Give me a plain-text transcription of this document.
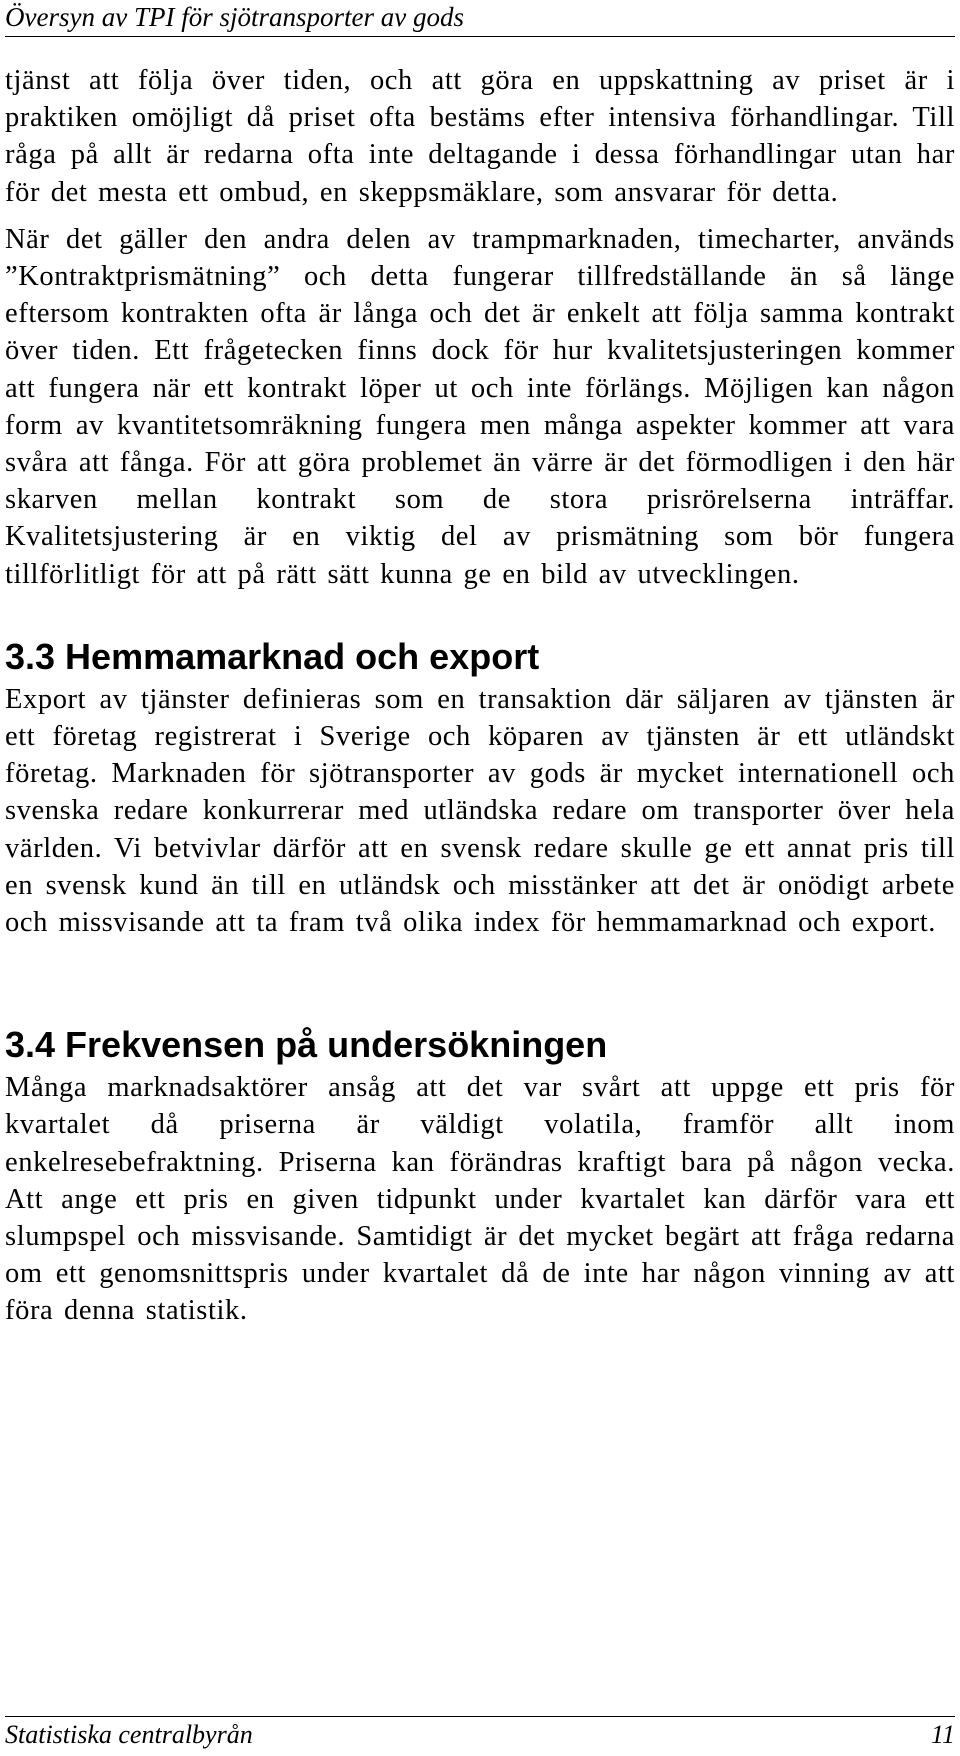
Översyn av TPI för sjötransporter av gods

tjänst att följa över tiden, och att göra en uppskattning av priset är i praktiken omöjligt då priset ofta bestäms efter intensiva förhandlingar. Till råga på allt är redarna ofta inte deltagande i dessa förhandlingar utan har för det mesta ett ombud, en skeppsmäklare, som ansvarar för detta.

När det gäller den andra delen av trampmarknaden, timecharter, används ”Kontraktprismätning” och detta fungerar tillfredställande än så länge eftersom kontrakten ofta är långa och det är enkelt att följa samma kontrakt över tiden. Ett frågetecken finns dock för hur kvalitetsjusteringen kommer att fungera när ett kontrakt löper ut och inte förlängs. Möjligen kan någon form av kvantitetsomräkning fungera men många aspekter kommer att vara svåra att fånga. För att göra problemet än värre är det förmodligen i den här skarven mellan kontrakt som de stora prisrörelserna inträffar. Kvalitetsjustering är en viktig del av prismätning som bör fungera tillförlitligt för att på rätt sätt kunna ge en bild av utvecklingen.

3.3 Hemmamarknad och export

Export av tjänster definieras som en transaktion där säljaren av tjänsten är ett företag registrerat i Sverige och köparen av tjänsten är ett utländskt företag. Marknaden för sjötransporter av gods är mycket internationell och svenska redare konkurrerar med utländska redare om transporter över hela världen. Vi betvivlar därför att en svensk redare skulle ge ett annat pris till en svensk kund än till en utländsk och misstänker att det är onödigt arbete och missvisande att ta fram två olika index för hemmamarknad och export.

3.4 Frekvensen på undersökningen

Många marknadsaktörer ansåg att det var svårt att uppge ett pris för kvartalet då priserna är väldigt volatila, framför allt inom enkelresebefraktning. Priserna kan förändras kraftigt bara på någon vecka. Att ange ett pris en given tidpunkt under kvartalet kan därför vara ett slumpspel och missvisande. Samtidigt är det mycket begärt att fråga redarna om ett genomsnittspris under kvartalet då de inte har någon vinning av att föra denna statistik.

Statistiska centralbyrån	11
